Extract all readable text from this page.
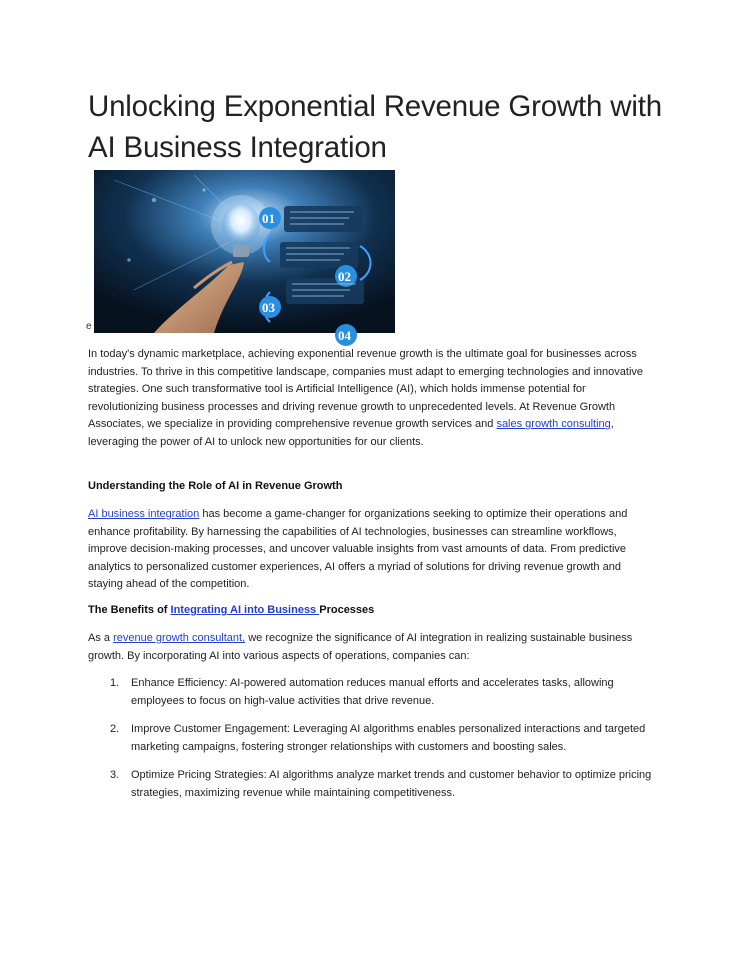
Unlocking Exponential Revenue Growth with AI Business Integration
01
02
03
04
e

In today's dynamic marketplace, achieving exponential revenue growth is the ultimate goal for businesses across industries. To thrive in this competitive landscape, companies must adapt to emerging technologies and innovative strategies. One such transformative tool is Artificial Intelligence (AI), which holds immense potential for revolutionizing business processes and driving revenue growth to unprecedented levels. At Revenue Growth Associates, we specialize in providing comprehensive revenue growth services and sales growth consulting, leveraging the power of AI to unlock new opportunities for our clients.

Understanding the Role of AI in Revenue Growth

AI business integration has become a game-changer for organizations seeking to optimize their operations and enhance profitability. By harnessing the capabilities of AI technologies, businesses can streamline workflows, improve decision-making processes, and uncover valuable insights from vast amounts of data. From predictive analytics to personalized customer experiences, AI offers a myriad of solutions for driving revenue growth and staying ahead of the competition.

The Benefits of Integrating AI into Business Processes

As a revenue growth consultant, we recognize the significance of AI integration in realizing sustainable business growth. By incorporating AI into various aspects of operations, companies can:

1. Enhance Efficiency: AI-powered automation reduces manual efforts and accelerates tasks, allowing employees to focus on high-value activities that drive revenue.
2. Improve Customer Engagement: Leveraging AI algorithms enables personalized interactions and targeted marketing campaigns, fostering stronger relationships with customers and boosting sales.
3. Optimize Pricing Strategies: AI algorithms analyze market trends and customer behavior to optimize pricing strategies, maximizing revenue while maintaining competitiveness.
